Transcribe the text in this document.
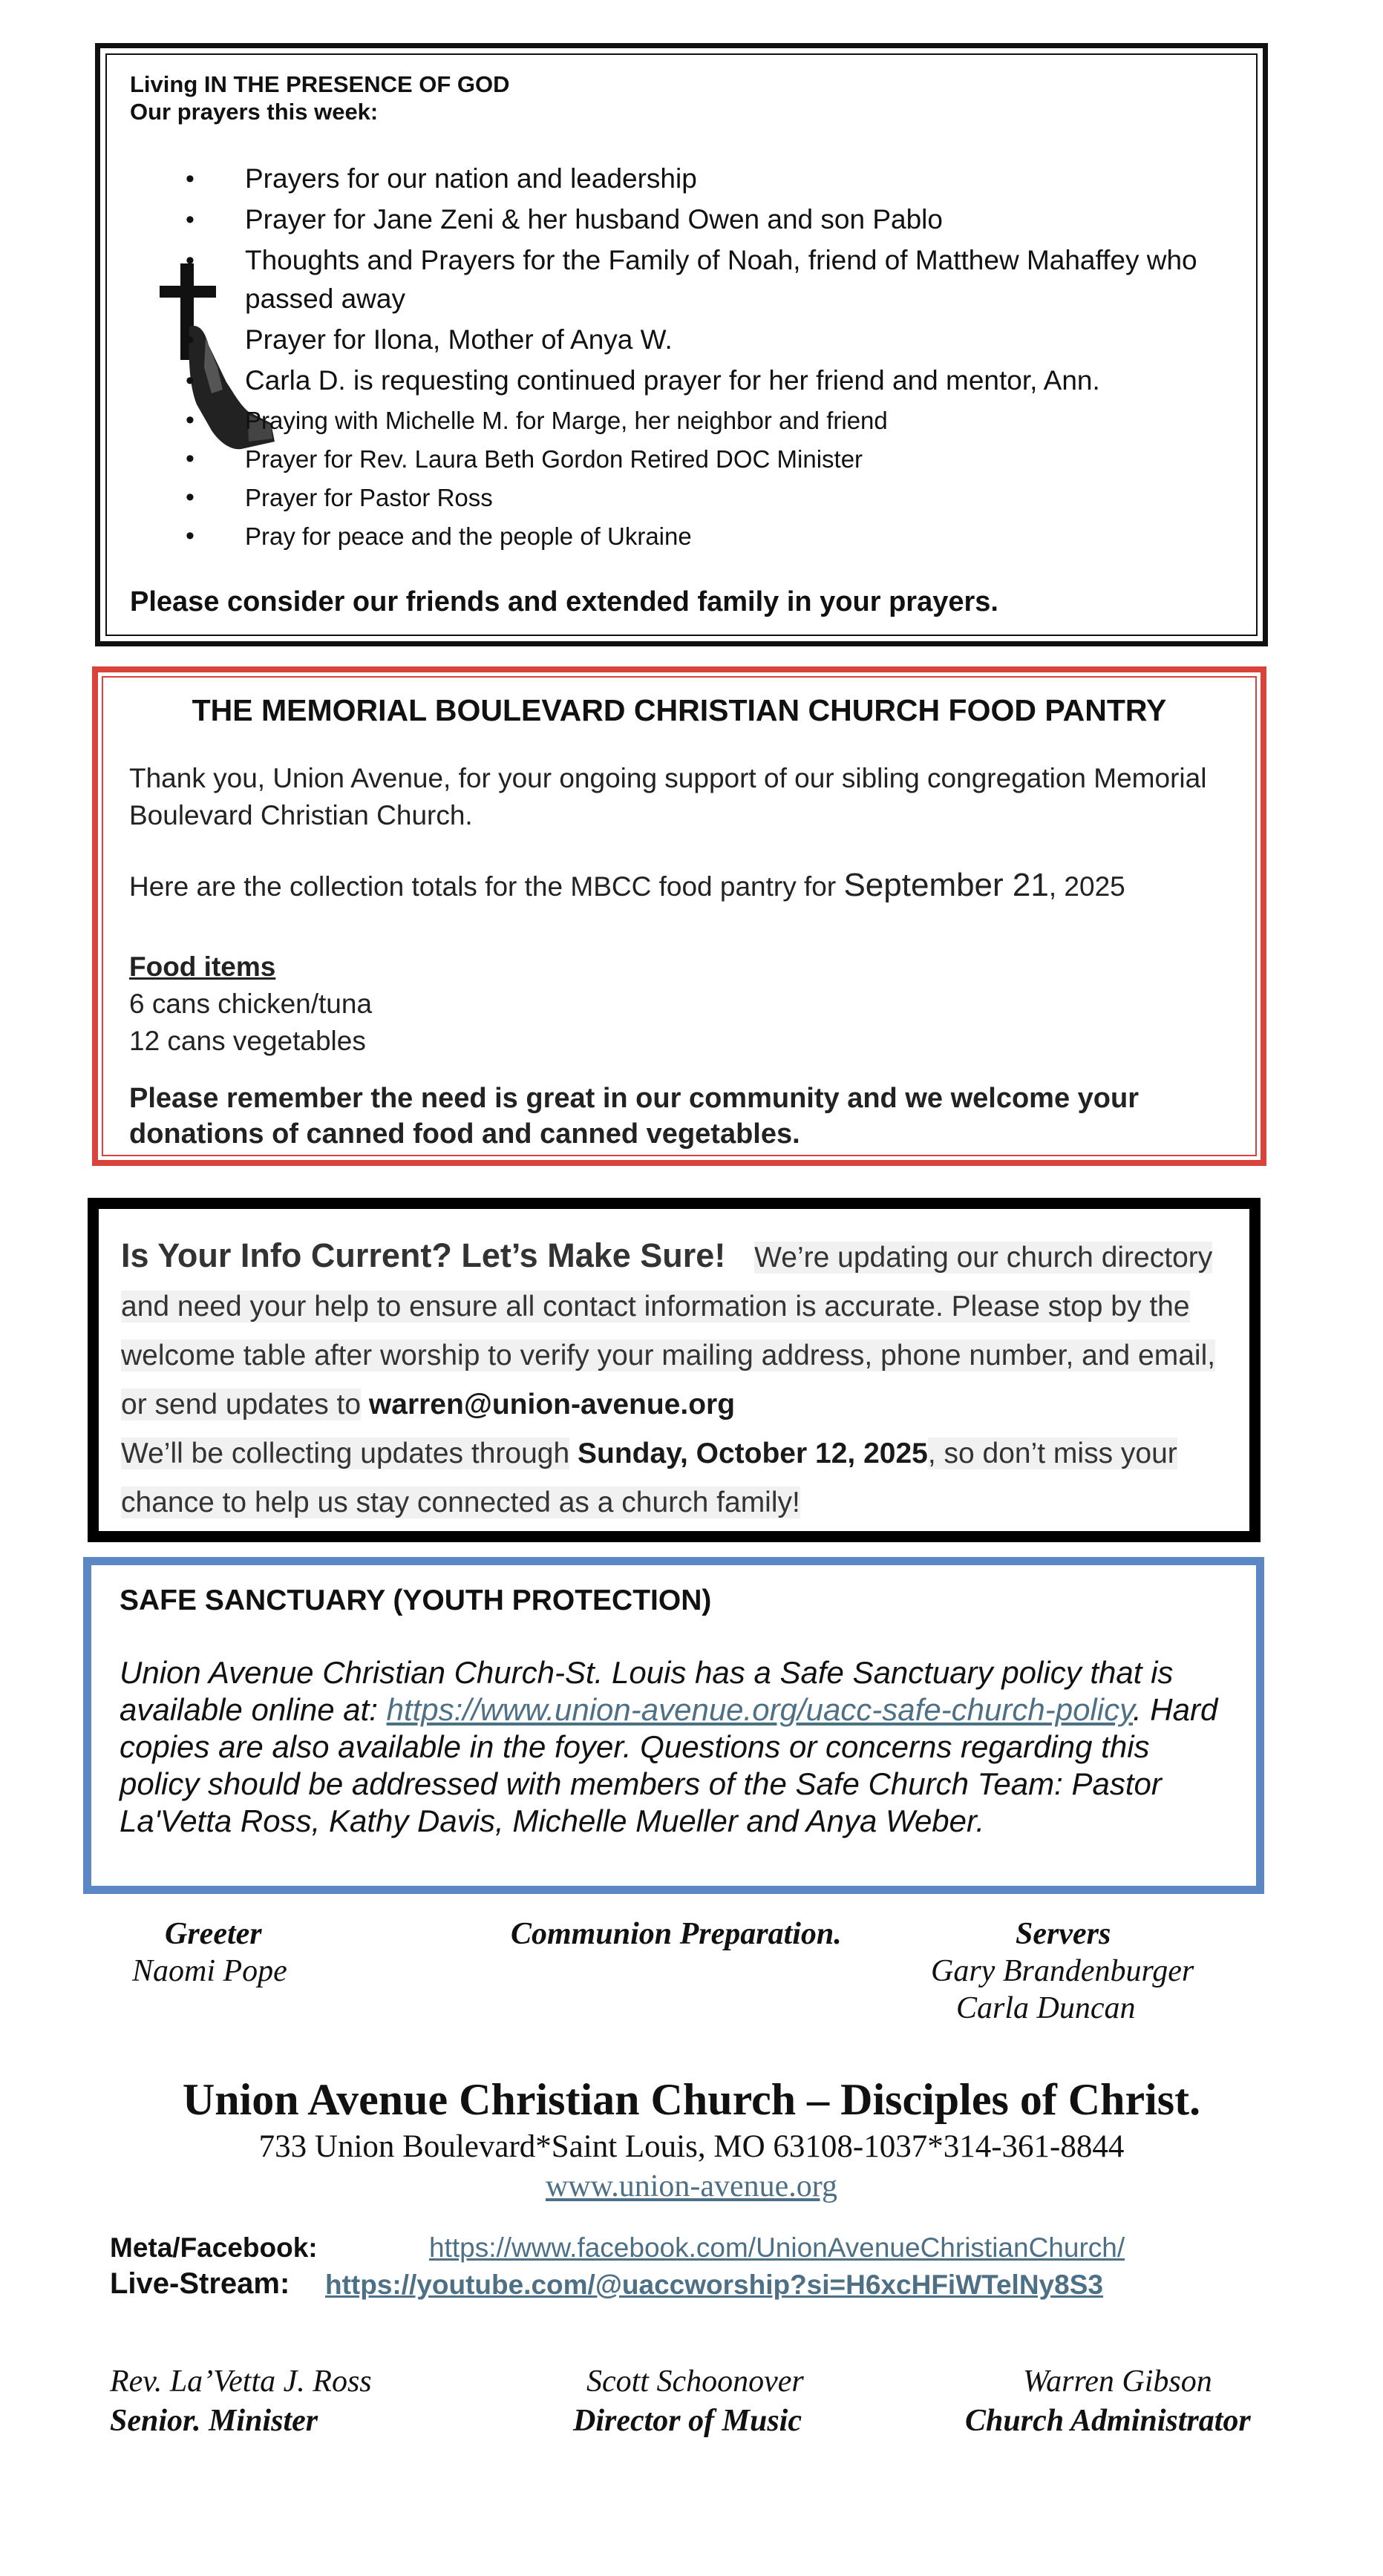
Living IN THE PRESENCE OF GOD
Our prayers this week:
• Prayers for our nation and leadership
• Prayer for Jane Zeni & her husband Owen and son Pablo
• Thoughts and Prayers for the Family of Noah, friend of Matthew Mahaffey who passed away
• Prayer for Ilona, Mother of Anya W.
• Carla D. is requesting continued prayer for her friend and mentor, Ann.
• Praying with Michelle M. for Marge, her neighbor and friend
• Prayer for Rev. Laura Beth Gordon Retired DOC Minister
• Prayer for Pastor Ross
• Pray for peace and the people of Ukraine
Please consider our friends and extended family in your prayers.
THE MEMORIAL BOULEVARD CHRISTIAN CHURCH FOOD PANTRY
Thank you, Union Avenue, for your ongoing support of our sibling congregation Memorial Boulevard Christian Church.
Here are the collection totals for the MBCC food pantry for September 21, 2025
Food items
6 cans chicken/tuna
12 cans vegetables
Please remember the need is great in our community and we welcome your donations of canned food and canned vegetables.
Is Your Info Current? Let’s Make Sure! We’re updating our church directory and need your help to ensure all contact information is accurate. Please stop by the welcome table after worship to verify your mailing address, phone number, and email, or send updates to warren@union-avenue.org
We’ll be collecting updates through Sunday, October 12, 2025, so don’t miss your chance to help us stay connected as a church family!
SAFE SANCTUARY (YOUTH PROTECTION)
Union Avenue Christian Church-St. Louis has a Safe Sanctuary policy that is available online at: https://www.union-avenue.org/uacc-safe-church-policy. Hard copies are also available in the foyer. Questions or concerns regarding this policy should be addressed with members of the Safe Church Team: Pastor La'Vetta Ross, Kathy Davis, Michelle Mueller and Anya Weber.
Greeter
Naomi Pope
Communion Preparation.	Servers
Gary Brandenburger
Carla Duncan
Union Avenue Christian Church – Disciples of Christ.
733 Union Boulevard*Saint Louis, MO 63108-1037*314-361-8844
www.union-avenue.org
Meta/Facebook:	https://www.facebook.com/UnionAvenueChristianChurch/
Live-Stream: https://youtube.com/@uaccworship?si=H6xcHFiWTelNy8S3
Rev. La’Vetta J. Ross
Senior. Minister
Scott Schoonover
Director of Music
Warren Gibson
Church Administrator
